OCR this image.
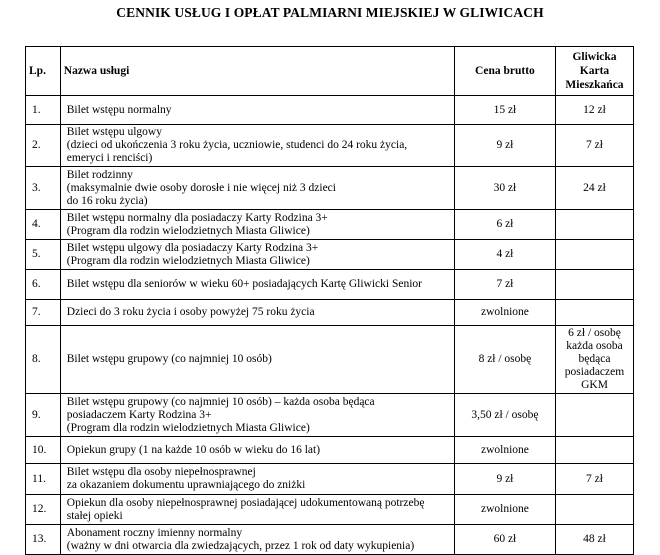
CENNIK USŁUG I OPŁAT PALMIARNI MIEJSKIEJ W GLIWICACH
Lp.	Nazwa usługi	Cena brutto	Gliwicka
Karta
Mieszkańca

1.	Bilet wstępu normalny	15 zł	12 zł

2.	Bilet wstępu ulgowy
(dzieci od ukończenia 3 roku życia, uczniowie, studenci do 24 roku życia,
emeryci i renciści)	9 zł	7 zł

3.	Bilet rodzinny
(maksymalnie dwie osoby dorosłe i nie więcej niż 3 dzieci
do 16 roku życia)	30 zł	24 zł

4.	Bilet wstępu normalny dla posiadaczy Karty Rodzina 3+
(Program dla rodzin wielodzietnych Miasta Gliwice)	6 zł	

5.	Bilet wstępu ulgowy dla posiadaczy Karty Rodzina 3+
(Program dla rodzin wielodzietnych Miasta Gliwice)	4 zł	

6.	Bilet wstępu dla seniorów w wieku 60+ posiadających Kartę Gliwicki Senior	7 zł	

7.	Dzieci do 3 roku życia i osoby powyżej 75 roku życia	zwolnione	

8.	Bilet wstępu grupowy (co najmniej 10 osób)	8 zł / osobę	6 zł / osobę
każda osoba
będąca
posiadaczem
GKM

9.	Bilet wstępu grupowy (co najmniej 10 osób) – każda osoba będąca
posiadaczem Karty Rodzina 3+
(Program dla rodzin wielodzietnych Miasta Gliwice)	3,50 zł / osobę	

10.	Opiekun grupy (1 na każde 10 osób w wieku do 16 lat)	zwolnione	

11.	Bilet wstępu dla osoby niepełnosprawnej
za okazaniem dokumentu uprawniającego do zniżki	9 zł	7 zł

12.	Opiekun dla osoby niepełnosprawnej posiadającej udokumentowaną potrzebę
stałej opieki	zwolnione	

13.	Abonament roczny imienny normalny
(ważny w dni otwarcia dla zwiedzających, przez 1 rok od daty wykupienia)	60 zł	48 zł
